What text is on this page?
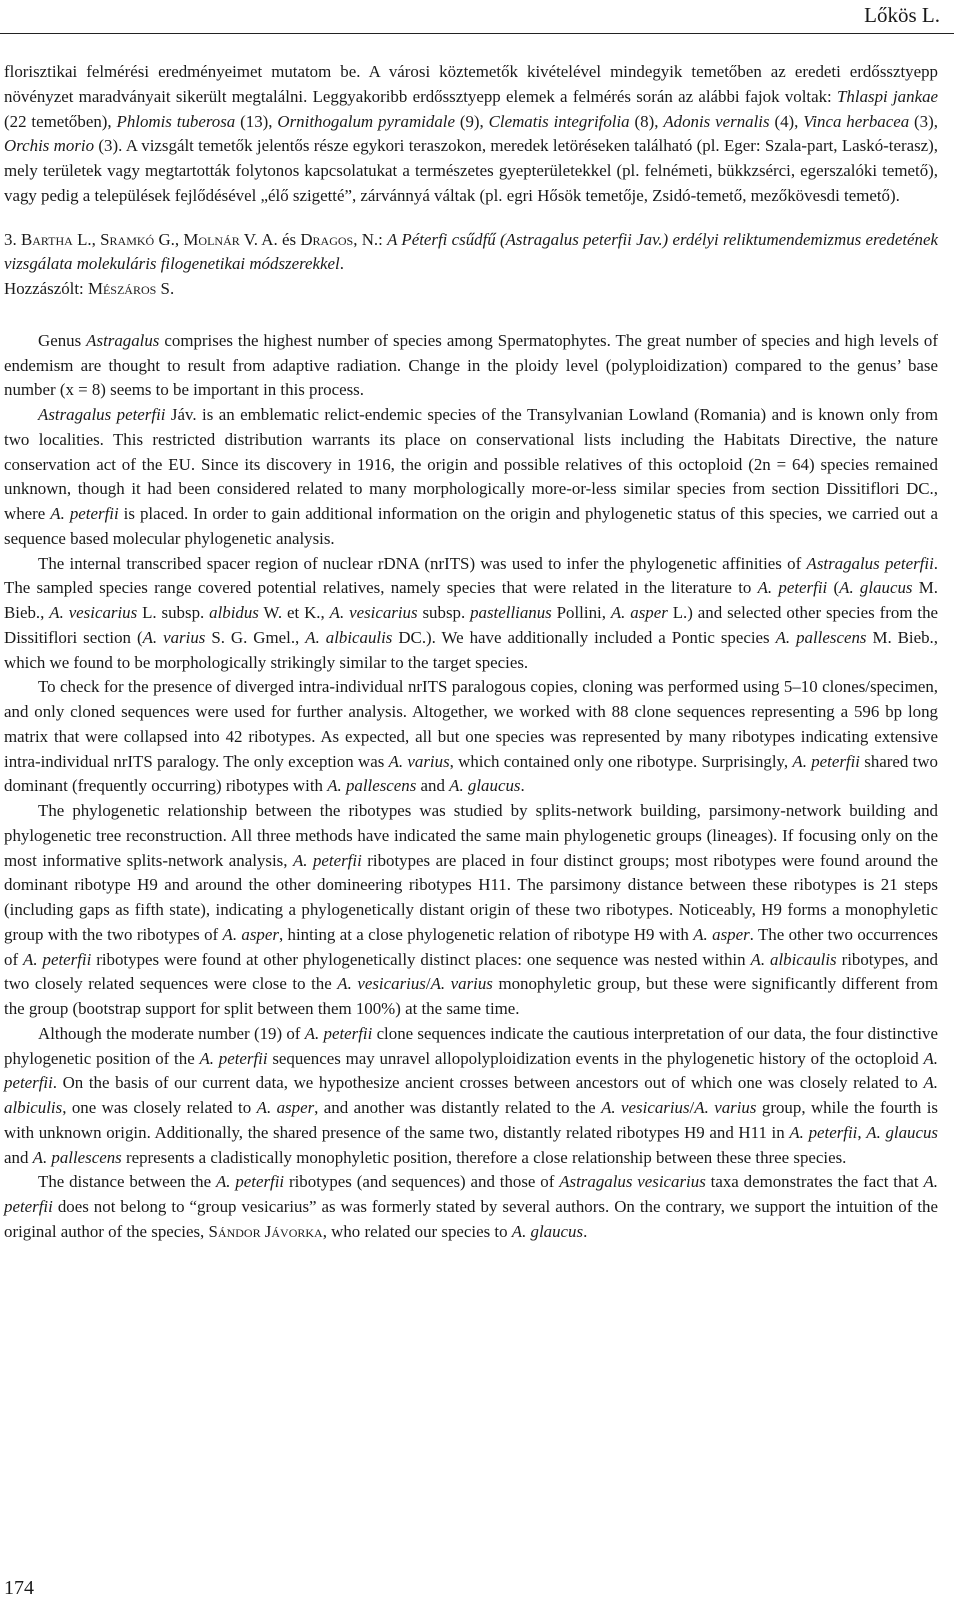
Lőkös L.

florisztikai felmérési eredményeimet mutatom be. A városi köztemetők kivételével mindegyik temetőben az eredeti erdőssztyepp növényzet maradványait sikerült megtalálni. Leggyakoribb erdőssztyepp elemek a felmérés során az alábbi fajok voltak: Thlaspi jankae (22 temetőben), Phlomis tuberosa (13), Ornithogalum pyramidale (9), Clematis integrifolia (8), Adonis vernalis (4), Vinca herbacea (3), Orchis morio (3). A vizsgált temetők jelentős része egykori teraszokon, meredek letöréseken található (pl. Eger: Szala-part, Laskó-terasz), mely területek vagy megtartották folytonos kapcsolatukat a természetes gyepterületekkel (pl. felnémeti, bükkzsérci, egerszalóki temető), vagy pedig a települések fejlődésével „élő szigetté”, zárvánnyá váltak (pl. egri Hősök temetője, Zsidó-temető, mezőkövesdi temető).

3. Bartha L., Sramkó G., Molnár V. A. és Dragos, N.: A Péterfi csűdfű (Astragalus peterfii Jav.) erdélyi reliktumendemizmus eredetének vizsgálata molekuláris filogenetikai módszerekkel.
Hozzászólt: Mészáros S.

Genus Astragalus comprises the highest number of species among Spermatophytes. The great number of species and high levels of endemism are thought to result from adaptive radiation. Change in the ploidy level (polyploidization) compared to the genus’ base number (x = 8) seems to be important in this process.

Astragalus peterfii Jáv. is an emblematic relict-endemic species of the Transylvanian Lowland (Romania) and is known only from two localities. This restricted distribution warrants its place on conservational lists including the Habitats Directive, the nature conservation act of the EU. Since its discovery in 1916, the origin and possible relatives of this octoploid (2n = 64) species remained unknown, though it had been considered related to many morphologically more-or-less similar species from section Dissitiflori DC., where A. peterfii is placed. In order to gain additional information on the origin and phylogenetic status of this species, we carried out a sequence based molecular phylogenetic analysis.

The internal transcribed spacer region of nuclear rDNA (nrITS) was used to infer the phylogenetic affinities of Astragalus peterfii. The sampled species range covered potential relatives, namely species that were related in the literature to A. peterfii (A. glaucus M. Bieb., A. vesicarius L. subsp. albidus W. et K., A. vesicarius subsp. pastellianus Pollini, A. asper L.) and selected other species from the Dissitiflori section (A. varius S. G. Gmel., A. albicaulis DC.). We have additionally included a Pontic species A. pallescens M. Bieb., which we found to be morphologically strikingly similar to the target species.

To check for the presence of diverged intra-individual nrITS paralogous copies, cloning was performed using 5–10 clones/specimen, and only cloned sequences were used for further analysis. Altogether, we worked with 88 clone sequences representing a 596 bp long matrix that were collapsed into 42 ribotypes. As expected, all but one species was represented by many ribotypes indicating extensive intra-individual nrITS paralogy. The only exception was A. varius, which contained only one ribotype. Surprisingly, A. peterfii shared two dominant (frequently occurring) ribotypes with A. pallescens and A. glaucus.

The phylogenetic relationship between the ribotypes was studied by splits-network building, parsimony-network building and phylogenetic tree reconstruction. All three methods have indicated the same main phylogenetic groups (lineages). If focusing only on the most informative splits-network analysis, A. peterfii ribotypes are placed in four distinct groups; most ribotypes were found around the dominant ribotype H9 and around the other domineering ribotypes H11. The parsimony distance between these ribotypes is 21 steps (including gaps as fifth state), indicating a phylogenetically distant origin of these two ribotypes. Noticeably, H9 forms a monophyletic group with the two ribotypes of A. asper, hinting at a close phylogenetic relation of ribotype H9 with A. asper. The other two occurrences of A. peterfii ribotypes were found at other phylogenetically distinct places: one sequence was nested within A. albicaulis ribotypes, and two closely related sequences were close to the A. vesicarius/A. varius monophyletic group, but these were significantly different from the group (bootstrap support for split between them 100%) at the same time.

Although the moderate number (19) of A. peterfii clone sequences indicate the cautious interpretation of our data, the four distinctive phylogenetic position of the A. peterfii sequences may unravel allopolyploidization events in the phylogenetic history of the octoploid A. peterfii. On the basis of our current data, we hypothesize ancient crosses between ancestors out of which one was closely related to A. albiculis, one was closely related to A. asper, and another was distantly related to the A. vesicarius/A. varius group, while the fourth is with unknown origin. Additionally, the shared presence of the same two, distantly related ribotypes H9 and H11 in A. peterfii, A. glaucus and A. pallescens represents a cladistically monophyletic position, therefore a close relationship between these three species.

The distance between the A. peterfii ribotypes (and sequences) and those of Astragalus vesicarius taxa demonstrates the fact that A. peterfii does not belong to “group vesicarius” as was formerly stated by several authors. On the contrary, we support the intuition of the original author of the species, Sándor Jávorka, who related our species to A. glaucus.

174
